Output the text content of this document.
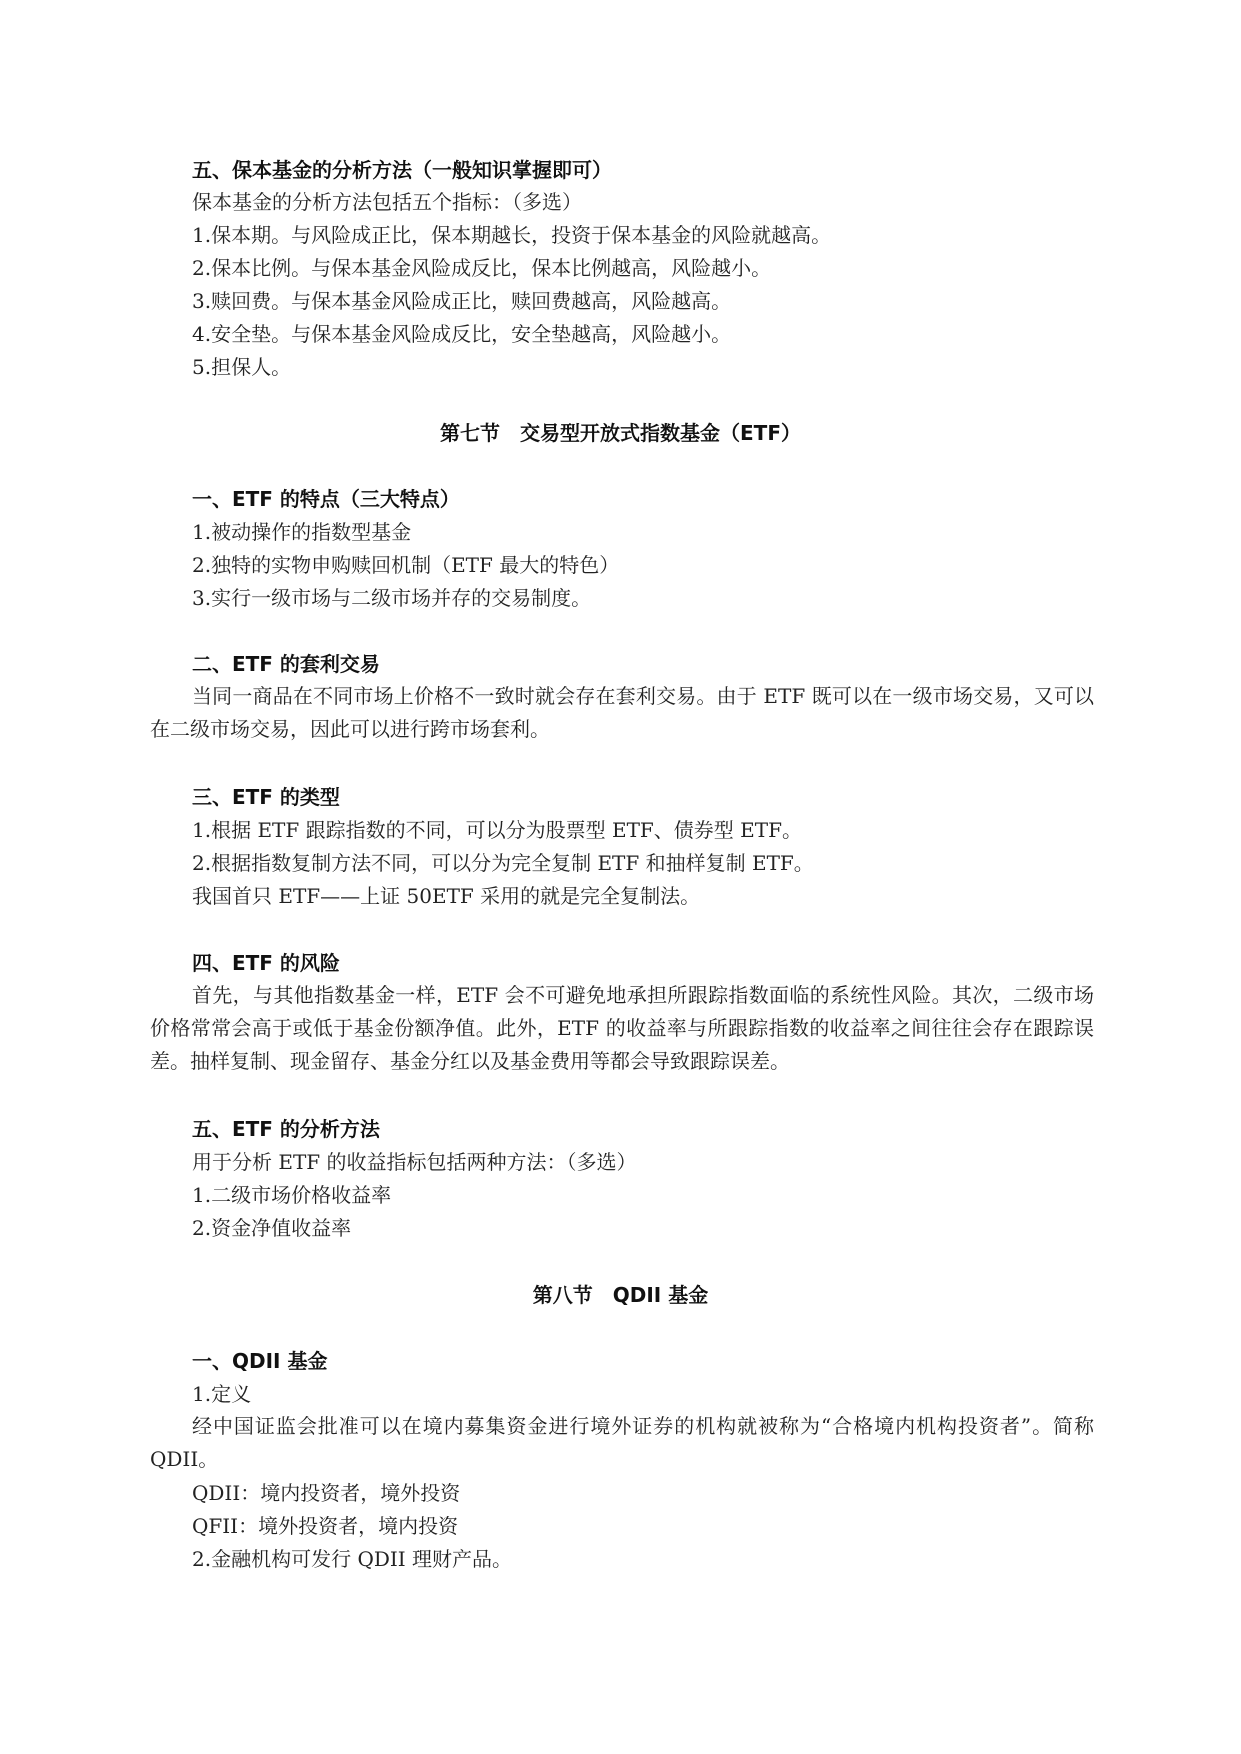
五、保本基金的分析方法（一般知识掌握即可）

保本基金的分析方法包括五个指标：（多选）

1.保本期。与风险成正比，保本期越长，投资于保本基金的风险就越高。

2.保本比例。与保本基金风险成反比，保本比例越高，风险越小。

3.赎回费。与保本基金风险成正比，赎回费越高，风险越高。

4.安全垫。与保本基金风险成反比，安全垫越高，风险越小。

5.担保人。

第七节　交易型开放式指数基金（ETF）

一、ETF 的特点（三大特点）

1.被动操作的指数型基金

2.独特的实物申购赎回机制（ETF 最大的特色）

3.实行一级市场与二级市场并存的交易制度。

二、ETF 的套利交易

当同一商品在不同市场上价格不一致时就会存在套利交易。由于 ETF 既可以在一级市场交易，又可以在二级市场交易，因此可以进行跨市场套利。

三、ETF 的类型

1.根据 ETF 跟踪指数的不同，可以分为股票型 ETF、债券型 ETF。

2.根据指数复制方法不同，可以分为完全复制 ETF 和抽样复制 ETF。

我国首只 ETF——上证 50ETF 采用的就是完全复制法。

四、ETF 的风险

首先，与其他指数基金一样，ETF 会不可避免地承担所跟踪指数面临的系统性风险。其次，二级市场价格常常会高于或低于基金份额净值。此外，ETF 的收益率与所跟踪指数的收益率之间往往会存在跟踪误差。抽样复制、现金留存、基金分红以及基金费用等都会导致跟踪误差。

五、ETF 的分析方法

用于分析 ETF 的收益指标包括两种方法：（多选）

1.二级市场价格收益率

2.资金净值收益率

第八节　QDII 基金

一、QDII 基金

1.定义

经中国证监会批准可以在境内募集资金进行境外证券的机构就被称为“合格境内机构投资者”。简称 QDII。

QDII：境内投资者，境外投资

QFII：境外投资者，境内投资

2.金融机构可发行 QDII 理财产品。
